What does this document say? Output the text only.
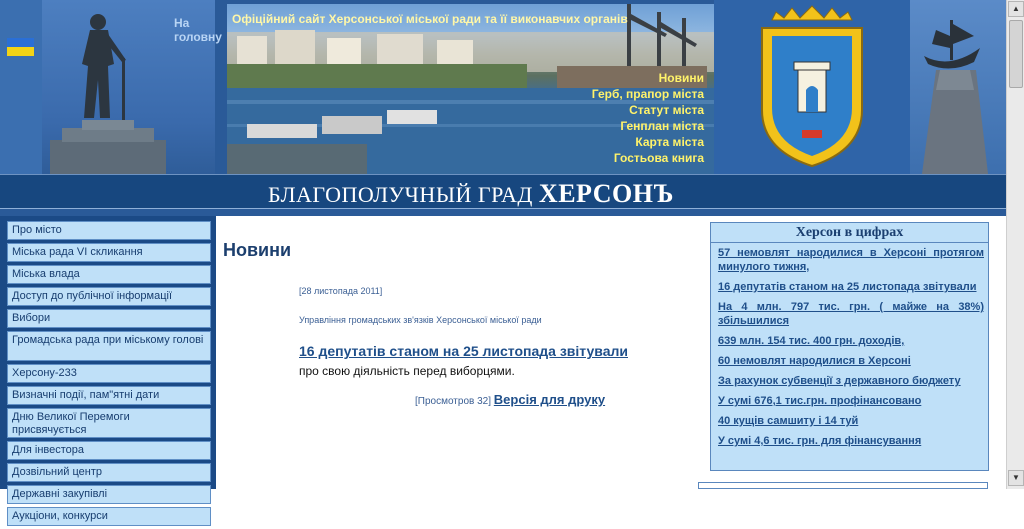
На головну
Офіційний сайт Херсонської міської ради та її виконавчих органів
Новини
Герб, прапор міста
Статут міста
Генплан міста
Карта міста
Гостьова книга
БЛАГОПОЛУЧНЫЙ ГРАД ХЕРСОНЪ
Про місто
Міська рада VI скликання
Міська влада
Доступ до публічної інформації
Вибори
Громадська рада при міському голові
Херсону-233
Визначні події, пам"ятні дати
Дню Великої Перемоги присвячується
Для інвестора
Дозвільний центр
Державні закупівлі
Аукціони, конкурси
Новини
[28 листопада 2011]
Управління громадських зв'язків Херсонської міської ради
16 депутатів станом на 25 листопада звітували
про свою діяльність перед виборцями.
[Просмотров 32] Версія для друку
Херсон в цифрах
57 немовлят народилися в Херсоні протягом минулого тижня,
16 депутатів станом на 25 листопада звітували
На 4 млн. 797 тис. грн. ( майже на 38%) збільшилися
639 млн. 154 тис. 400 грн. доходів,
60 немовлят народилися в Херсоні
За рахунок субвенції з державного бюджету
У сумі 676,1 тис.грн. профінансовано
40 кущів самшиту і 14 туй
У сумі 4,6 тис. грн. для фінансування
▲
▼
